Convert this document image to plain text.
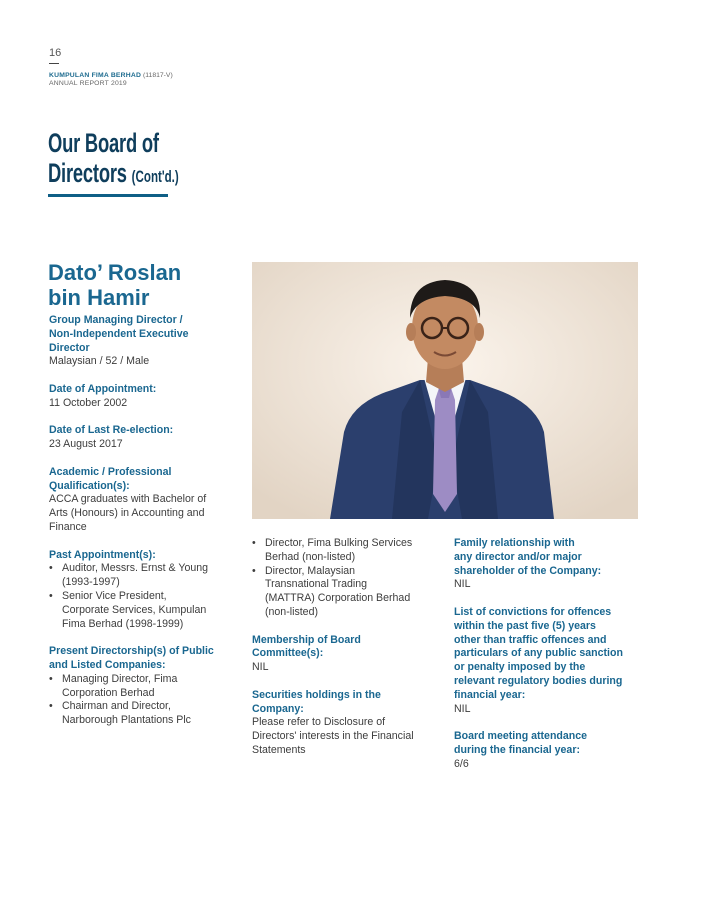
16
KUMPULAN FIMA BERHAD (11817-V)
ANNUAL REPORT 2019
Our Board of
Directors (Cont'd.)
Dato’ Roslan
bin Hamir
Group Managing Director /
Non-Independent Executive
Director
Malaysian / 52 / Male
Date of Appointment:
11 October 2002
Date of Last Re-election:
23 August 2017
Academic / Professional
Qualification(s):
ACCA graduates with Bachelor of
Arts (Honours) in Accounting and
Finance
Past Appointment(s):
• Auditor, Messrs. Ernst & Young
(1993-1997)
• Senior Vice President,
Corporate Services, Kumpulan
Fima Berhad (1998-1999)
Present Directorship(s) of Public
and Listed Companies:
• Managing Director, Fima
Corporation Berhad
• Chairman and Director,
Narborough Plantations Plc
• Director, Fima Bulking Services
Berhad (non-listed)
• Director, Malaysian
Transnational Trading
(MATTRA) Corporation Berhad
(non-listed)
Membership of Board
Committee(s):
NIL
Securities holdings in the
Company:
Please refer to Disclosure of
Directors' interests in the Financial
Statements
Family relationship with
any director and/or major
shareholder of the Company:
NIL
List of convictions for offences
within the past five (5) years
other than traffic offences and
particulars of any public sanction
or penalty imposed by the
relevant regulatory bodies during
financial year:
NIL
Board meeting attendance
during the financial year:
6/6
